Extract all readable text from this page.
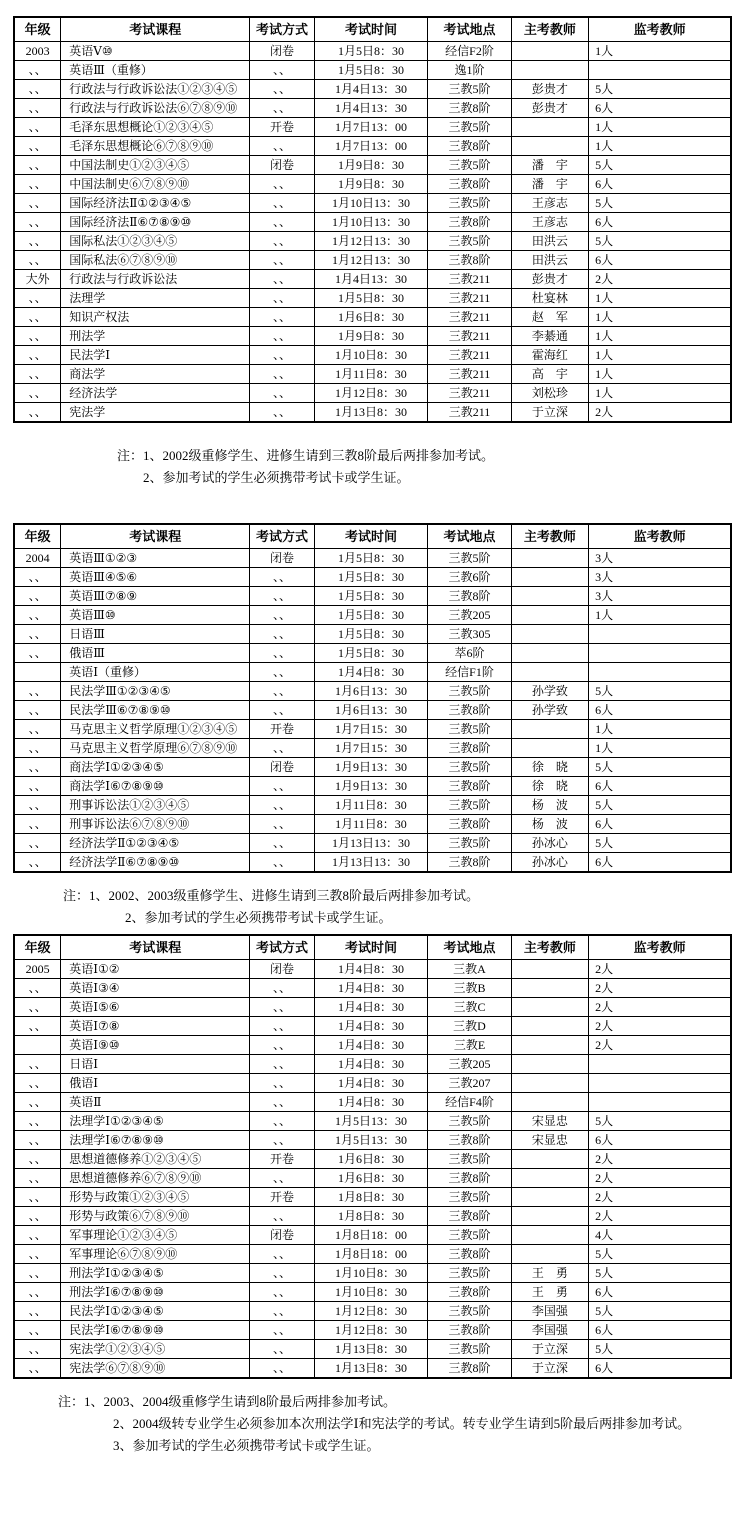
年级	考试课程	考试方式	考试时间	考试地点	主考教师	监考教师
2003	英语Ⅴ⑩	闭卷	1月5日8：30	经信F2阶		1人
、、	英语Ⅲ（重修）	、、	1月5日8：30	逸1阶		
、、	行政法与行政诉讼法①②③④⑤	、、	1月4日13：30	三教5阶	彭贵才	5人
、、	行政法与行政诉讼法⑥⑦⑧⑨⑩	、、	1月4日13：30	三教8阶	彭贵才	6人
、、	毛泽东思想概论①②③④⑤	开卷	1月7日13：00	三教5阶		1人
、、	毛泽东思想概论⑥⑦⑧⑨⑩	、、	1月7日13：00	三教8阶		1人
、、	中国法制史①②③④⑤	闭卷	1月9日8：30	三教5阶	潘　宇	5人
、、	中国法制史⑥⑦⑧⑨⑩	、、	1月9日8：30	三教8阶	潘　宇	6人
、、	国际经济法Ⅱ①②③④⑤	、、	1月10日13：30	三教5阶	王彦志	5人
、、	国际经济法Ⅱ⑥⑦⑧⑨⑩	、、	1月10日13：30	三教8阶	王彦志	6人
、、	国际私法①②③④⑤	、、	1月12日13：30	三教5阶	田洪云	5人
、、	国际私法⑥⑦⑧⑨⑩	、、	1月12日13：30	三教8阶	田洪云	6人
大外	行政法与行政诉讼法	、、	1月4日13：30	三教211	彭贵才	2人
、、	法理学	、、	1月5日8：30	三教211	杜宴林	1人
、、	知识产权法	、、	1月6日8：30	三教211	赵　军	1人
、、	刑法学	、、	1月9日8：30	三教211	李綦通	1人
、、	民法学Ⅰ	、、	1月10日8：30	三教211	霍海红	1人
、、	商法学	、、	1月11日8：30	三教211	高　宇	1人
、、	经济法学	、、	1月12日8：30	三教211	刘松珍	1人
、、	宪法学	、、	1月13日8：30	三教211	于立深	2人

注：1、2002级重修学生、进修生请到三教8阶最后两排参加考试。

2、参加考试的学生必须携带考试卡或学生证。

年级	考试课程	考试方式	考试时间	考试地点	主考教师	监考教师
2004	英语Ⅲ①②③	闭卷	1月5日8：30	三教5阶		3人
、、	英语Ⅲ④⑤⑥	、、	1月5日8：30	三教6阶		3人
、、	英语Ⅲ⑦⑧⑨	、、	1月5日8：30	三教8阶		3人
、、	英语Ⅲ⑩	、、	1月5日8：30	三教205		1人
、、	日语Ⅲ	、、	1月5日8：30	三教305		
、、	俄语Ⅲ	、、	1月5日8：30	萃6阶		
	英语Ⅰ（重修）	、、	1月4日8：30	经信F1阶		
、、	民法学Ⅲ①②③④⑤	、、	1月6日13：30	三教5阶	孙学致	5人
、、	民法学Ⅲ⑥⑦⑧⑨⑩	、、	1月6日13：30	三教8阶	孙学致	6人
、、	马克思主义哲学原理①②③④⑤	开卷	1月7日15：30	三教5阶		1人
、、	马克思主义哲学原理⑥⑦⑧⑨⑩	、、	1月7日15：30	三教8阶		1人
、、	商法学Ⅰ①②③④⑤	闭卷	1月9日13：30	三教5阶	徐　晓	5人
、、	商法学Ⅰ⑥⑦⑧⑨⑩	、、	1月9日13：30	三教8阶	徐　晓	6人
、、	刑事诉讼法①②③④⑤	、、	1月11日8：30	三教5阶	杨　波	5人
、、	刑事诉讼法⑥⑦⑧⑨⑩	、、	1月11日8：30	三教8阶	杨　波	6人
、、	经济法学Ⅱ①②③④⑤	、、	1月13日13：30	三教5阶	孙冰心	5人
、、	经济法学Ⅱ⑥⑦⑧⑨⑩	、、	1月13日13：30	三教8阶	孙冰心	6人

注：1、2002、2003级重修学生、进修生请到三教8阶最后两排参加考试。

2、参加考试的学生必须携带考试卡或学生证。

年级	考试课程	考试方式	考试时间	考试地点	主考教师	监考教师
2005	英语Ⅰ①②	闭卷	1月4日8：30	三教A		2人
、、	英语Ⅰ③④	、、	1月4日8：30	三教B		2人
、、	英语Ⅰ⑤⑥	、、	1月4日8：30	三教C		2人
、、	英语Ⅰ⑦⑧	、、	1月4日8：30	三教D		2人
	英语Ⅰ⑨⑩	、、	1月4日8：30	三教E		2人
、、	日语Ⅰ	、、	1月4日8：30	三教205		
、、	俄语Ⅰ	、、	1月4日8：30	三教207		
、、	英语Ⅱ	、、	1月4日8：30	经信F4阶		
、、	法理学Ⅰ①②③④⑤	、、	1月5日13：30	三教5阶	宋显忠	5人
、、	法理学Ⅰ⑥⑦⑧⑨⑩	、、	1月5日13：30	三教8阶	宋显忠	6人
、、	思想道德修养①②③④⑤	开卷	1月6日8：30	三教5阶		2人
、、	思想道德修养⑥⑦⑧⑨⑩	、、	1月6日8：30	三教8阶		2人
、、	形势与政策①②③④⑤	开卷	1月8日8：30	三教5阶		2人
、、	形势与政策⑥⑦⑧⑨⑩	、、	1月8日8：30	三教8阶		2人
、、	军事理论①②③④⑤	闭卷	1月8日18：00	三教5阶		4人
、、	军事理论⑥⑦⑧⑨⑩	、、	1月8日18：00	三教8阶		5人
、、	刑法学Ⅰ①②③④⑤	、、	1月10日8：30	三教5阶	王　勇	5人
、、	刑法学Ⅰ⑥⑦⑧⑨⑩	、、	1月10日8：30	三教8阶	王　勇	6人
、、	民法学Ⅰ①②③④⑤	、、	1月12日8：30	三教5阶	李国强	5人
、、	民法学Ⅰ⑥⑦⑧⑨⑩	、、	1月12日8：30	三教8阶	李国强	6人
、、	宪法学①②③④⑤	、、	1月13日8：30	三教5阶	于立深	5人
、、	宪法学⑥⑦⑧⑨⑩	、、	1月13日8：30	三教8阶	于立深	6人

注：1、2003、2004级重修学生请到8阶最后两排参加考试。

2、2004级转专业学生必须参加本次刑法学Ⅰ和宪法学的考试。转专业学生请到5阶最后两排参加考试。

3、参加考试的学生必须携带考试卡或学生证。
